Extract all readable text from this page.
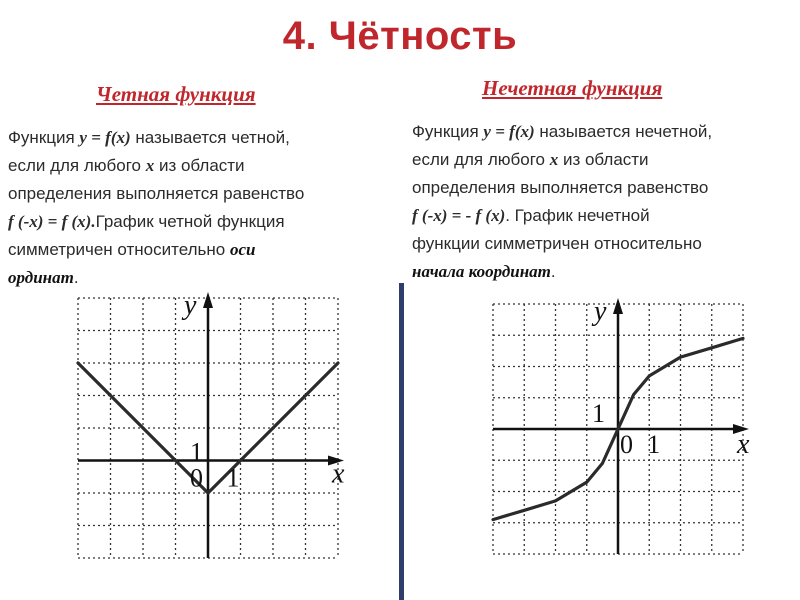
4. Чётность
Четная функция	Нечетная функция
Функция y = f(x) называется четной,
если для любого x из области
определения выполняется равенство
f (-x) = f (x).График четной функция
симметричен относительно оси
ординат.
Функция y = f(x) называется нечетной,
если для любого x из области
определения выполняется равенство
f (-x) = - f (x). График нечетной
функции симметричен относительно
начала координат.
x
y
0 1
1	x
y
0 1
1
